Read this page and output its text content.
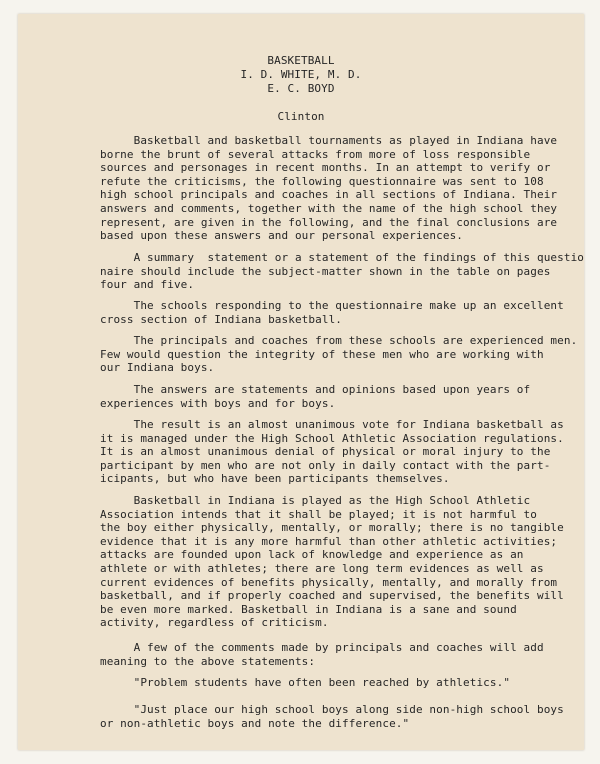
BASKETBALL

I. D. WHITE, M. D.

E. C. BOYD

Clinton

Basketball and basketball tournaments as played in Indiana have
borne the brunt of several attacks from more of loss responsible
sources and personages in recent months. In an attempt to verify or
refute the criticisms, the following questionnaire was sent to 108
high school principals and coaches in all sections of Indiana. Their
answers and comments, together with the name of the high school they
represent, are given in the following, and the final conclusions are
based upon these answers and our personal experiences.

A summary  statement or a statement of the findings of this questio
naire should include the subject-matter shown in the table on pages
four and five.

The schools responding to the questionnaire make up an excellent
cross section of Indiana basketball.

The principals and coaches from these schools are experienced men.
Few would question the integrity of these men who are working with
our Indiana boys.

The answers are statements and opinions based upon years of
experiences with boys and for boys.

The result is an almost unanimous vote for Indiana basketball as
it is managed under the High School Athletic Association regulations.
It is an almost unanimous denial of physical or moral injury to the
participant by men who are not only in daily contact with the part-
icipants, but who have been participants themselves.

Basketball in Indiana is played as the High School Athletic
Association intends that it shall be played; it is not harmful to
the boy either physically, mentally, or morally; there is no tangible
evidence that it is any more harmful than other athletic activities;
attacks are founded upon lack of knowledge and experience as an
athlete or with athletes; there are long term evidences as well as
current evidences of benefits physically, mentally, and morally from
basketball, and if properly coached and supervised, the benefits will
be even more marked. Basketball in Indiana is a sane and sound
activity, regardless of criticism.

A few of the comments made by principals and coaches will add
meaning to the above statements:

"Problem students have often been reached by athletics."

"Just place our high school boys along side non-high school boys
or non-athletic boys and note the difference."
